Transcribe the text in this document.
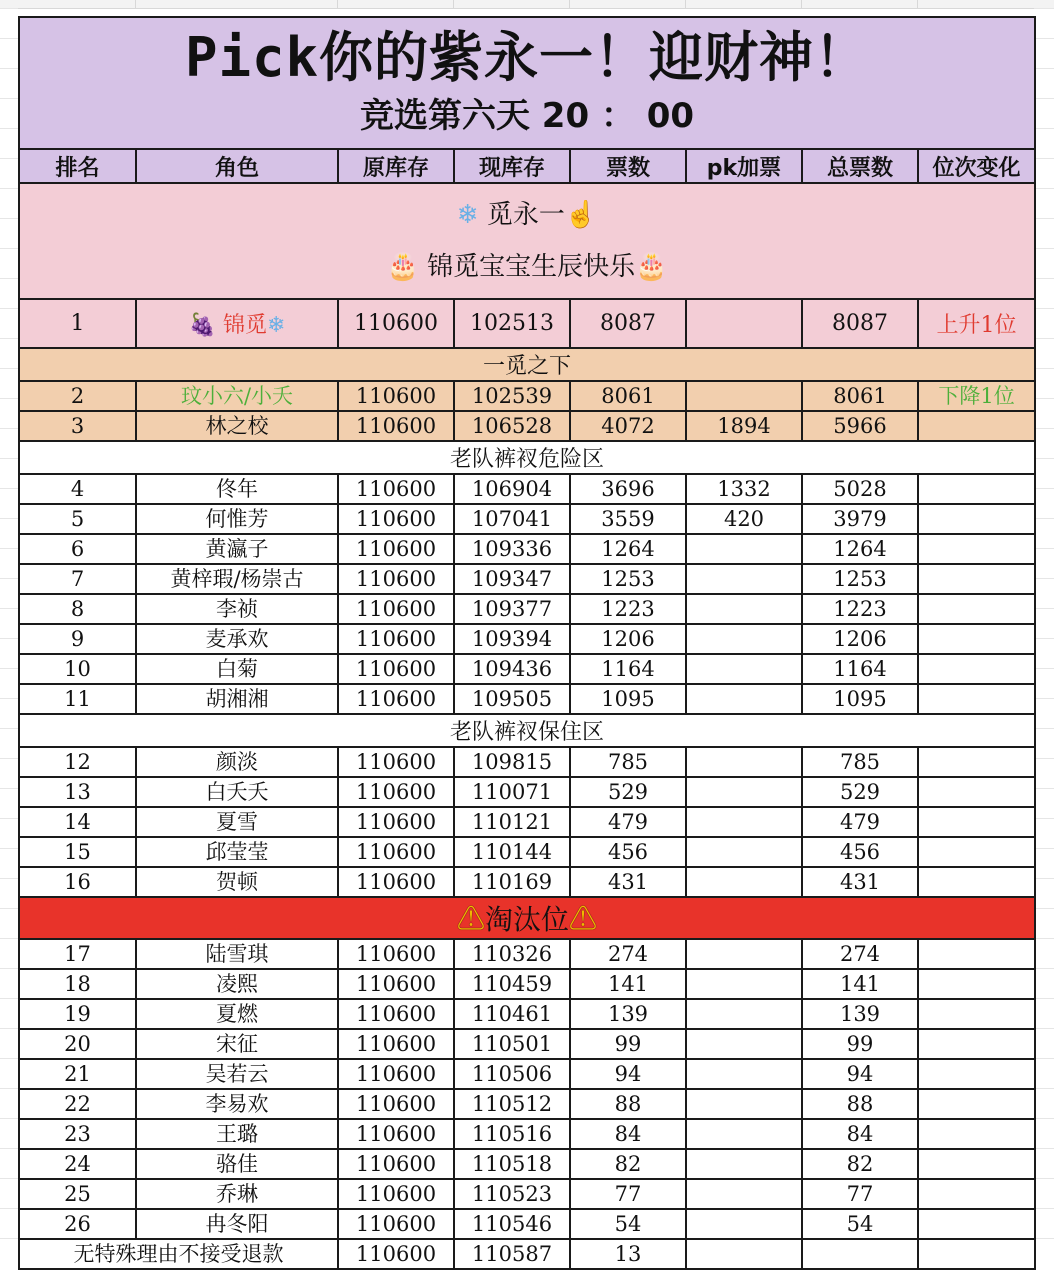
Pick你的紫永一！迎财神！
竞选第六天 20 ： 00							

排名	角色	原库存	现库存	票数	pk加票	总票数	位次变化

❄ 觅永一☝
🎂 锦觅宝宝生辰快乐🎂							

1	🍇 锦觅❄	110600	102513	8087		8087	上升1位
一觅之下							
2	玟小六/小夭	110600	102539	8061		8061	下降1位
3	林之校	110600	106528	4072	1894	5966	
老队裤衩危险区							
4	佟年	110600	106904	3696	1332	5028	
5	何惟芳	110600	107041	3559	420	3979	
6	黄瀛子	110600	109336	1264		1264	
7	黄梓瑕/杨崇古	110600	109347	1253		1253	
8	李祯	110600	109377	1223		1223	
9	麦承欢	110600	109394	1206		1206	
10	白菊	110600	109436	1164		1164	
11	胡湘湘	110600	109505	1095		1095	
老队裤衩保住区							
12	颜淡	110600	109815	785		785	
13	白夭夭	110600	110071	529		529	
14	夏雪	110600	110121	479		479	
15	邱莹莹	110600	110144	456		456	
16	贺顿	110600	110169	431		431	
⚠淘汰位⚠							
17	陆雪琪	110600	110326	274		274	
18	凌熙	110600	110459	141		141	
19	夏燃	110600	110461	139		139	
20	宋征	110600	110501	99		99	
21	吴若云	110600	110506	94		94	
22	李易欢	110600	110512	88		88	
23	王璐	110600	110516	84		84	
24	骆佳	110600	110518	82		82	
25	乔琳	110600	110523	77		77	
26	冉冬阳	110600	110546	54		54	
无特殊理由不接受退款		110600	110587	13			
